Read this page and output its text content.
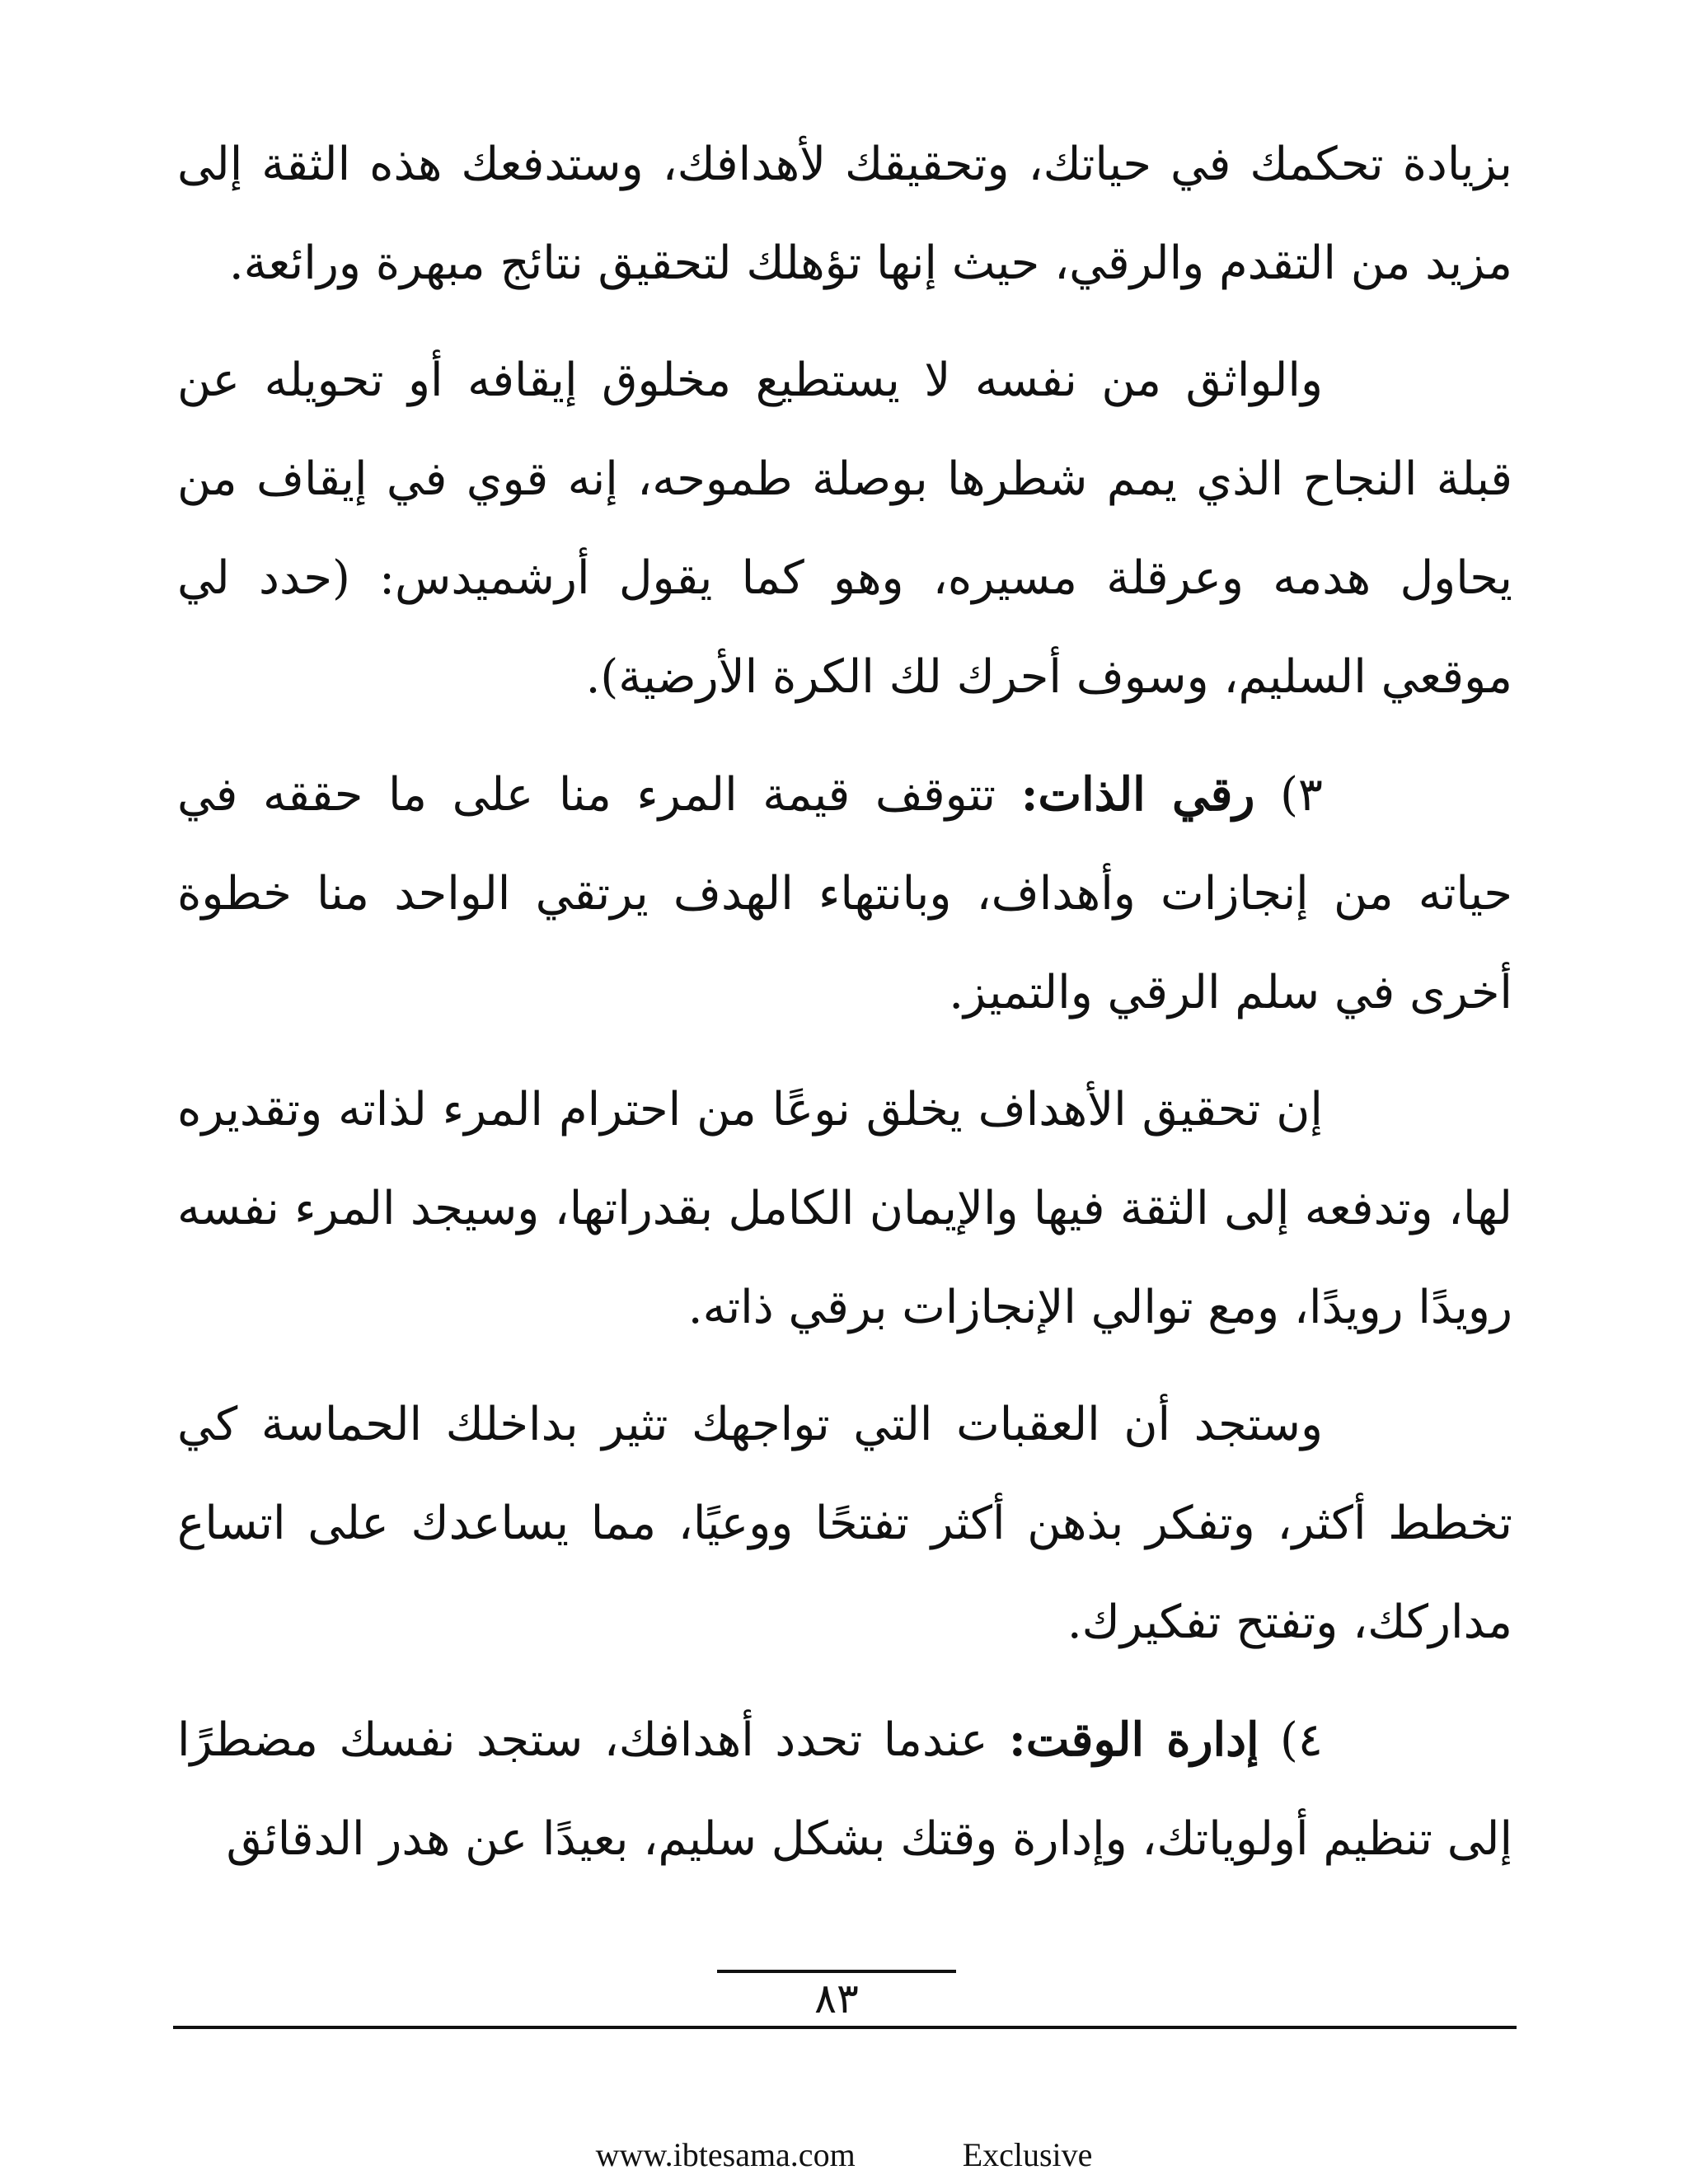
بزيادة تحكمك في حياتك، وتحقيقك لأهدافك، وستدفعك هذه الثقة إلى مزيد من التقدم والرقي، حيث إنها تؤهلك لتحقيق نتائج مبهرة ورائعة.

والواثق من نفسه لا يستطيع مخلوق إيقافه أو تحويله عن قبلة النجاح الذي يمم شطرها بوصلة طموحه، إنه قوي في إيقاف من يحاول هدمه وعرقلة مسيره، وهو كما يقول أرشميدس: (حدد لي موقعي السليم، وسوف أحرك لك الكرة الأرضية).

٣) رقي الذات: تتوقف قيمة المرء منا على ما حققه في حياته من إنجازات وأهداف، وبانتهاء الهدف يرتقي الواحد منا خطوة أخرى في سلم الرقي والتميز.

إن تحقيق الأهداف يخلق نوعًا من احترام المرء لذاته وتقديره لها، وتدفعه إلى الثقة فيها والإيمان الكامل بقدراتها، وسيجد المرء نفسه رويدًا رويدًا، ومع توالي الإنجازات برقي ذاته.

وستجد أن العقبات التي تواجهك تثير بداخلك الحماسة كي تخطط أكثر، وتفكر بذهن أكثر تفتحًا ووعيًا، مما يساعدك على اتساع مداركك، وتفتح تفكيرك.

٤) إدارة الوقت: عندما تحدد أهدافك، ستجد نفسك مضطرًا إلى تنظيم أولوياتك، وإدارة وقتك بشكل سليم، بعيدًا عن هدر الدقائق

٨٣
www.ibtesama.com	Exclusive
